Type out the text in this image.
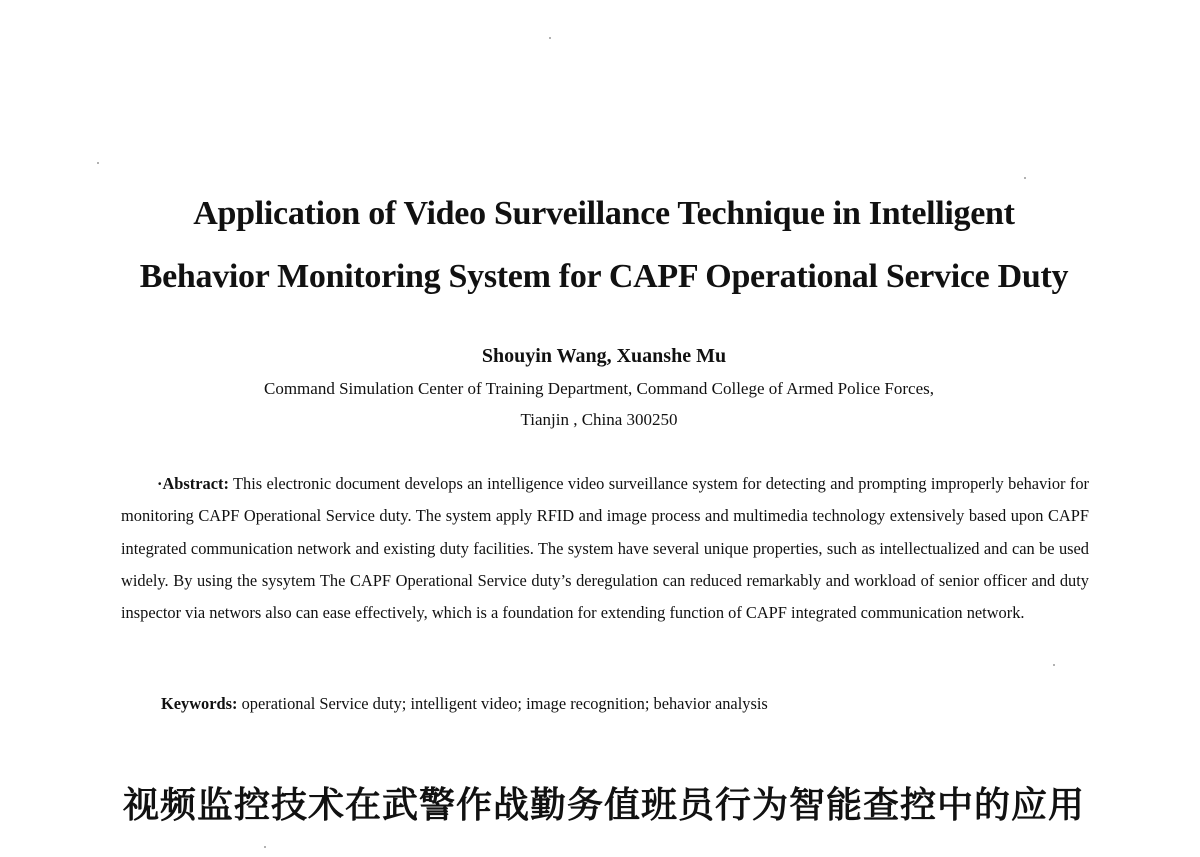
Application of Video Surveillance Technique in Intelligent
Behavior Monitoring System for CAPF Operational Service Duty
Shouyin Wang, Xuanshe Mu
Command Simulation Center of Training Department, Command College of Armed Police Forces,
Tianjin , China 300250

·Abstract: This electronic document develops an intelligence video surveillance system for detecting and prompting improperly behavior for monitoring CAPF Operational Service duty. The system apply RFID and image process and multimedia technology extensively based upon CAPF integrated communication network and existing duty facilities. The system have several unique properties, such as intellectualized and can be used widely. By using the sysytem The CAPF Operational Service duty’s deregulation can reduced remarkably and workload of senior officer and duty inspector via networs also can ease effectively, which is a foundation for extending function of CAPF integrated communication network.

Keywords: operational Service duty; intelligent video; image recognition; behavior analysis
视频监控技术在武警作战勤务值班员行为智能查控中的应用
